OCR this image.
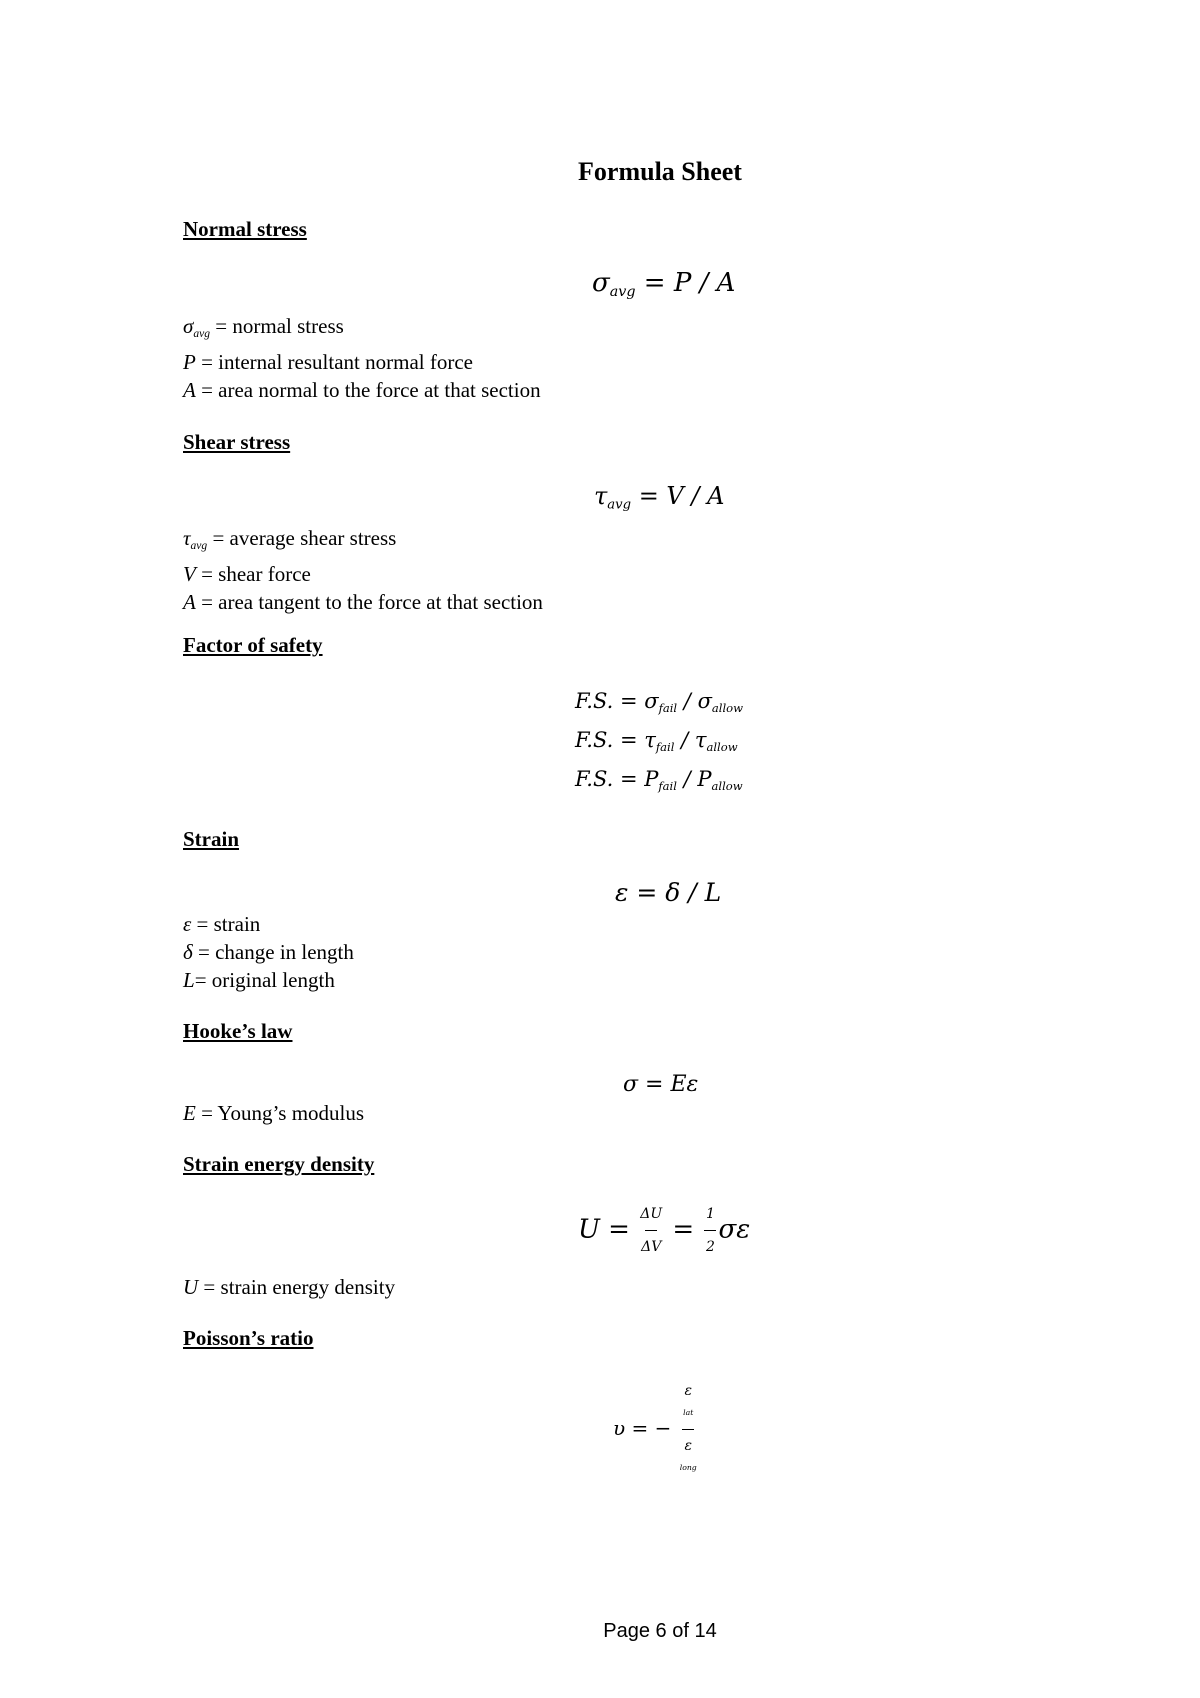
Formula Sheet
Normal stress
$\sigma_{avg} = P / A$
$\sigma_{avg}$ = normal stress
P = internal resultant normal force
A = area normal to the force at that section
Shear stress
$\tau_{avg} = V / A$
$\tau_{avg}$ = average shear stress
V = shear force
A = area tangent to the force at that section
Factor of safety
F.S. = $\sigma_{fail} / \sigma_{allow}$
F.S. = $\tau_{fail} / \tau_{allow}$
F.S. = $P_{fail} / P_{allow}$
Strain
ε = δ / L
ε = strain
δ = change in length
L= original length
Hooke’s law
σ = Eε
E = Young’s modulus
Strain energy density
$U = \frac{\Delta U}{\Delta V} = \frac{1}{2}$ σε
U = strain energy density
Poisson’s ratio
υ = − ε
lat
ε
long
Page 6 of 14
